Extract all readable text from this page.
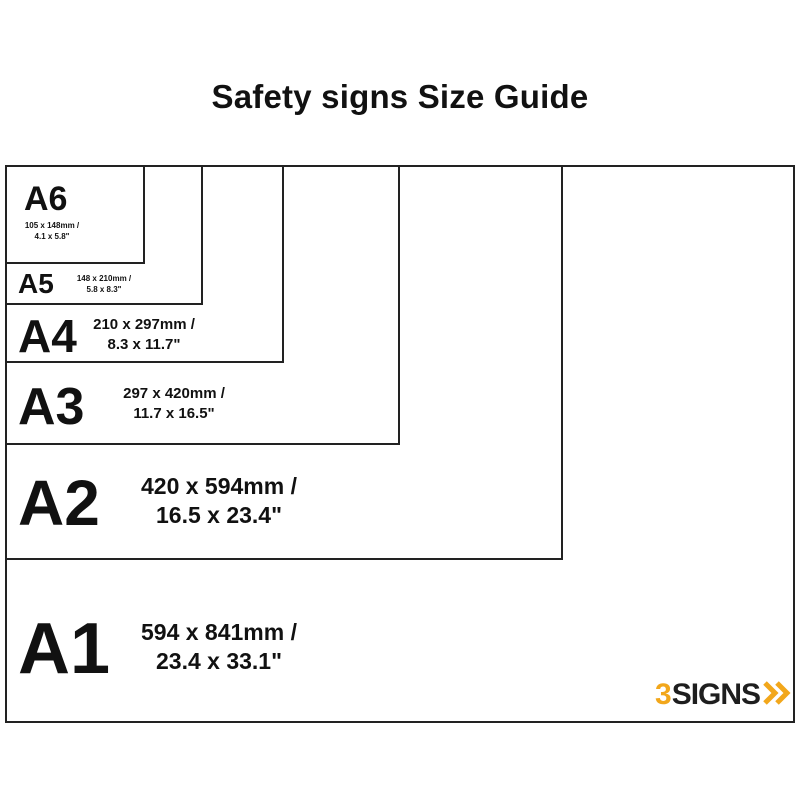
Safety signs Size Guide
A6
105 x 148mm /
4.1 x 5.8"
A5	148 x 210mm /
5.8 x 8.3"
A4 210 x 297mm /
8.3 x 11.7"
A3	297 x 420mm /
11.7 x 16.5"
A2	420 x 594mm /
16.5 x 23.4"
A1	594 x 841mm /
23.4 x 33.1"
3 SIGNS
